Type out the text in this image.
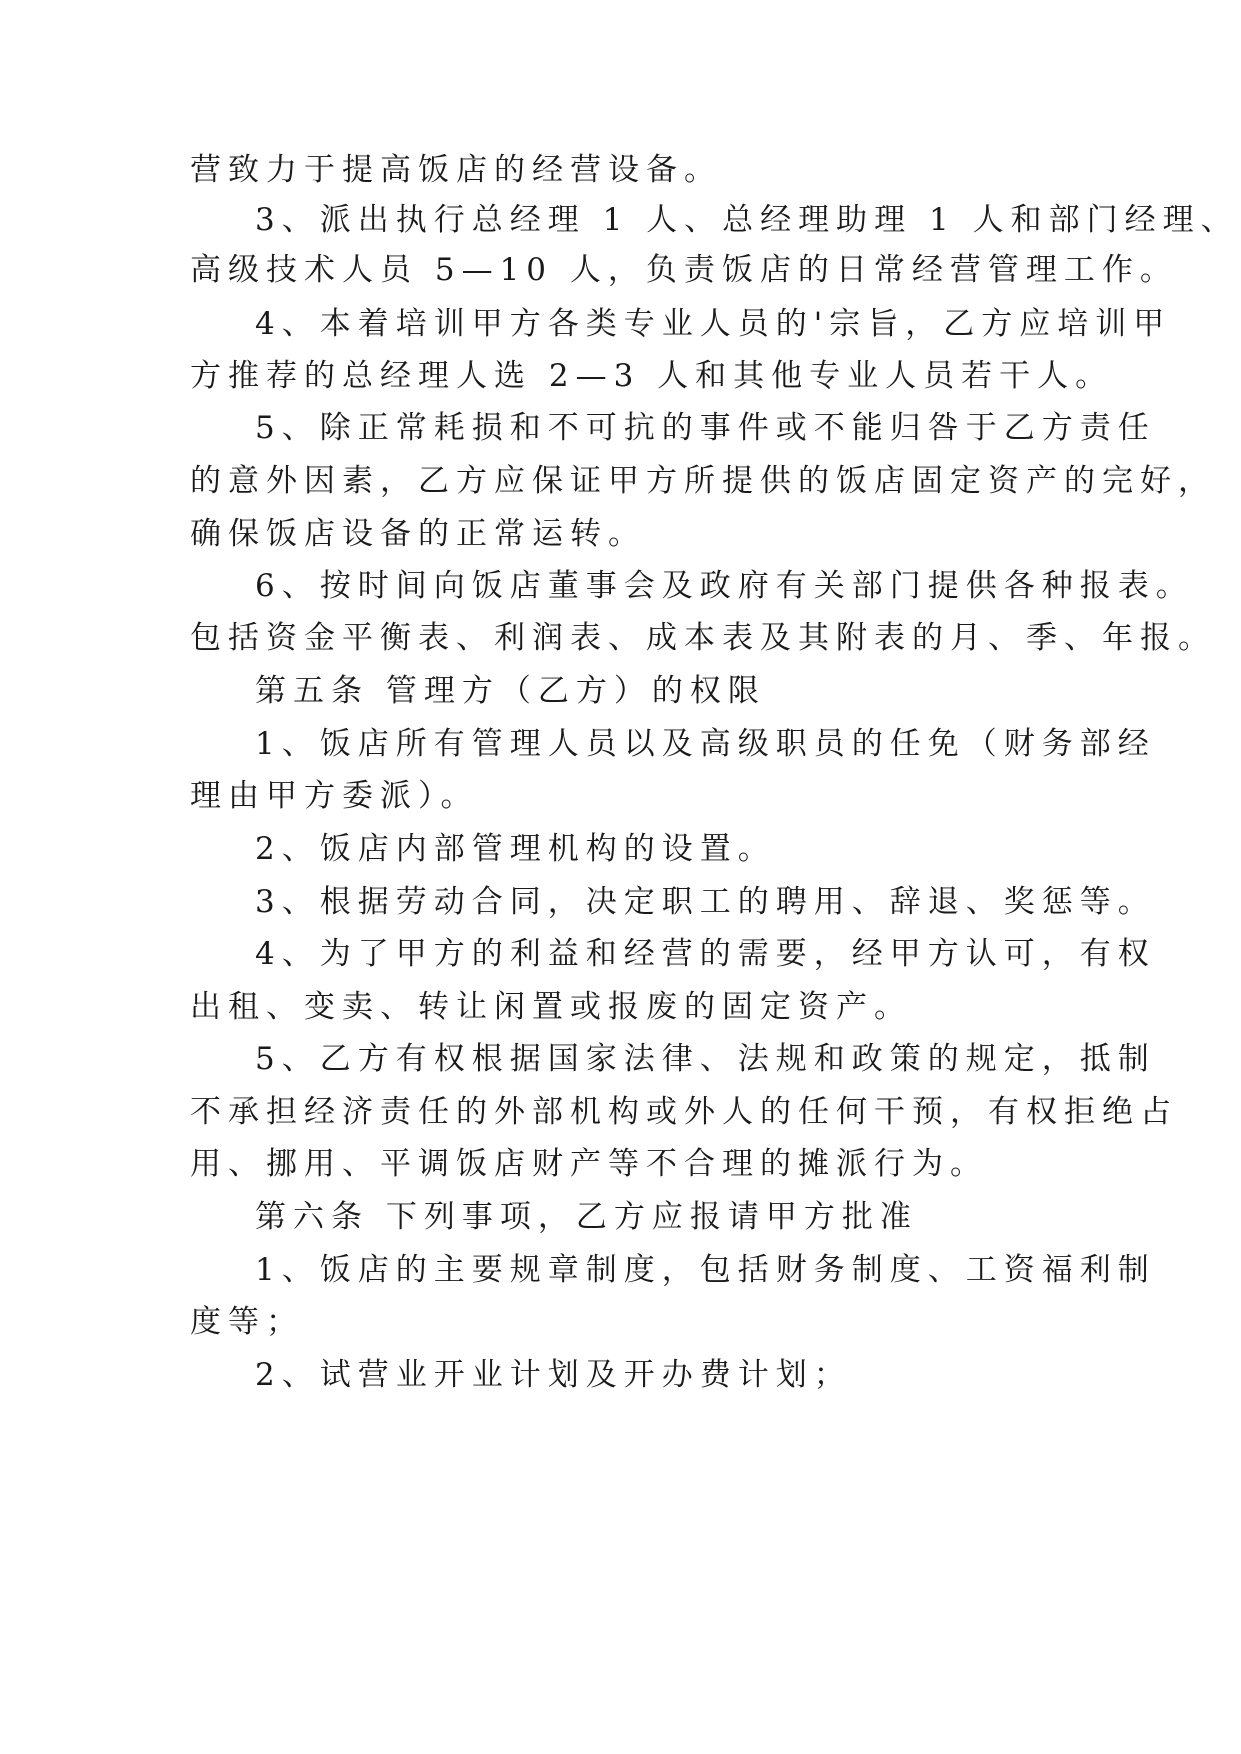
营致力于提高饭店的经营设备。
3、派出执行总经理 1 人、总经理助理 1 人和部门经理、
高级技术人员 5—10 人，负责饭店的日常经营管理工作。
4、本着培训甲方各类专业人员的'宗旨，乙方应培训甲
方推荐的总经理人选 2—3 人和其他专业人员若干人。
5、除正常耗损和不可抗的事件或不能归咎于乙方责任
的意外因素，乙方应保证甲方所提供的饭店固定资产的完好，
确保饭店设备的正常运转。
6、按时间向饭店董事会及政府有关部门提供各种报表。
包括资金平衡表、利润表、成本表及其附表的月、季、年报。
第五条 管理方（乙方）的权限
1、饭店所有管理人员以及高级职员的任免（财务部经
理由甲方委派）。
2、饭店内部管理机构的设置。
3、根据劳动合同，决定职工的聘用、辞退、奖惩等。
4、为了甲方的利益和经营的需要，经甲方认可，有权
出租、变卖、转让闲置或报废的固定资产。
5、乙方有权根据国家法律、法规和政策的规定，抵制
不承担经济责任的外部机构或外人的任何干预，有权拒绝占
用、挪用、平调饭店财产等不合理的摊派行为。
第六条 下列事项，乙方应报请甲方批准
1、饭店的主要规章制度，包括财务制度、工资福利制
度等；
2、试营业开业计划及开办费计划；
